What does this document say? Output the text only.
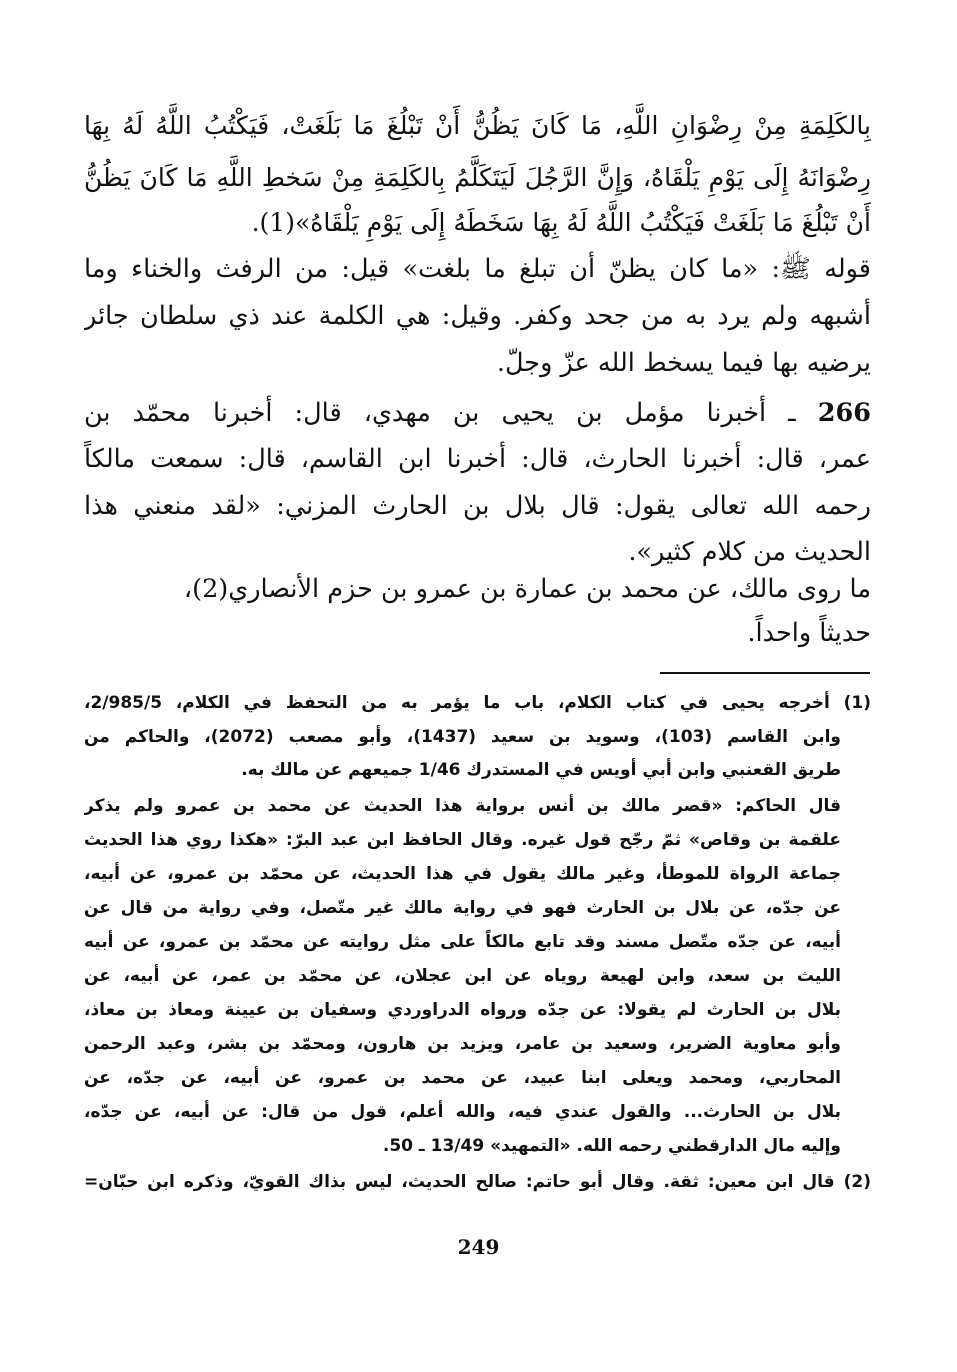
بِالكَلِمَةِ مِنْ رِضْوَانِ اللَّهِ، مَا كَانَ يَظُنُّ أَنْ تَبْلُغَ مَا بَلَغَتْ، فَيَكْتُبُ اللَّهُ لَهُ بِهَا
رِضْوَانَهُ إِلَى يَوْمِ يَلْقَاهُ، وَإِنَّ الرَّجُلَ لَيَتَكَلَّمُ بِالكَلِمَةِ مِنْ سَخطِ اللَّهِ مَا كَانَ يَظُنُّ
أَنْ تَبْلُغَ مَا بَلَغَتْ فَيَكْتُبُ اللَّهُ لَهُ بِهَا سَخَطَهُ إِلَى يَوْمِ يَلْقَاهُ»(1).
قوله ﷺ: «ما كان يظنّ أن تبلغ ما بلغت» قيل: من الرفث والخناء وما
أشبهه ولم يرد به من جحد وكفر. وقيل: هي الكلمة عند ذي سلطان جائر
يرضيه بها فيما يسخط الله عزّ وجلّ.
266 ـ أخبرنا مؤمل بن يحيى بن مهدي، قال: أخبرنا محمّد بن
عمر، قال: أخبرنا الحارث، قال: أخبرنا ابن القاسم، قال: سمعت مالكاً
رحمه الله تعالى يقول: قال بلال بن الحارث المزني: «لقد منعني هذا
الحديث من كلام كثير».
ما روى مالك، عن محمد بن عمارة بن عمرو بن حزم الأنصاري(2)،
حديثاً واحداً.
(1) أخرجه يحيى في كتاب الكلام، باب ما يؤمر به من التحفظ في الكلام، 2/985/5،
وابن القاسم (103)، وسويد بن سعيد (1437)، وأبو مصعب (2072)، والحاكم من
طريق القعنبي وابن أبي أويس في المستدرك 1/46 جميعهم عن مالك به.
قال الحاكم: «قصر مالك بن أنس برواية هذا الحديث عن محمد بن عمرو ولم يذكر
علقمة بن وقاص» ثمّ رجّح قول غيره. وقال الحافظ ابن عبد البرّ: «هكذا روي هذا الحديث
جماعة الرواة للموطأ، وغير مالك يقول في هذا الحديث، عن محمّد بن عمرو، عن أبيه،
عن جدّه، عن بلال بن الحارث فهو في رواية مالك غير متّصل، وفي رواية من قال عن
أبيه، عن جدّه متّصل مسند وقد تابع مالكاً على مثل روايته عن محمّد بن عمرو، عن أبيه
الليث بن سعد، وابن لهيعة روياه عن ابن عجلان، عن محمّد بن عمر، عن أبيه، عن
بلال بن الحارث لم يقولا: عن جدّه ورواه الدراوردي وسفيان بن عيينة ومعاذ بن معاذ،
وأبو معاوية الضرير، وسعيد بن عامر، ويزيد بن هارون، ومحمّد بن بشر، وعبد الرحمن
المحاربي، ومحمد ويعلى ابنا عبيد، عن محمد بن عمرو، عن أبيه، عن جدّه، عن
بلال بن الحارث... والقول عندي فيه، والله أعلم، قول من قال: عن أبيه، عن جدّه،
وإليه مال الدارقطني رحمه الله. «التمهيد» 13/49 ـ 50.
(2) قال ابن معين: ثقة. وقال أبو حاتم: صالح الحديث، ليس بذاك القويّ، وذكره ابن حبّان=
249
